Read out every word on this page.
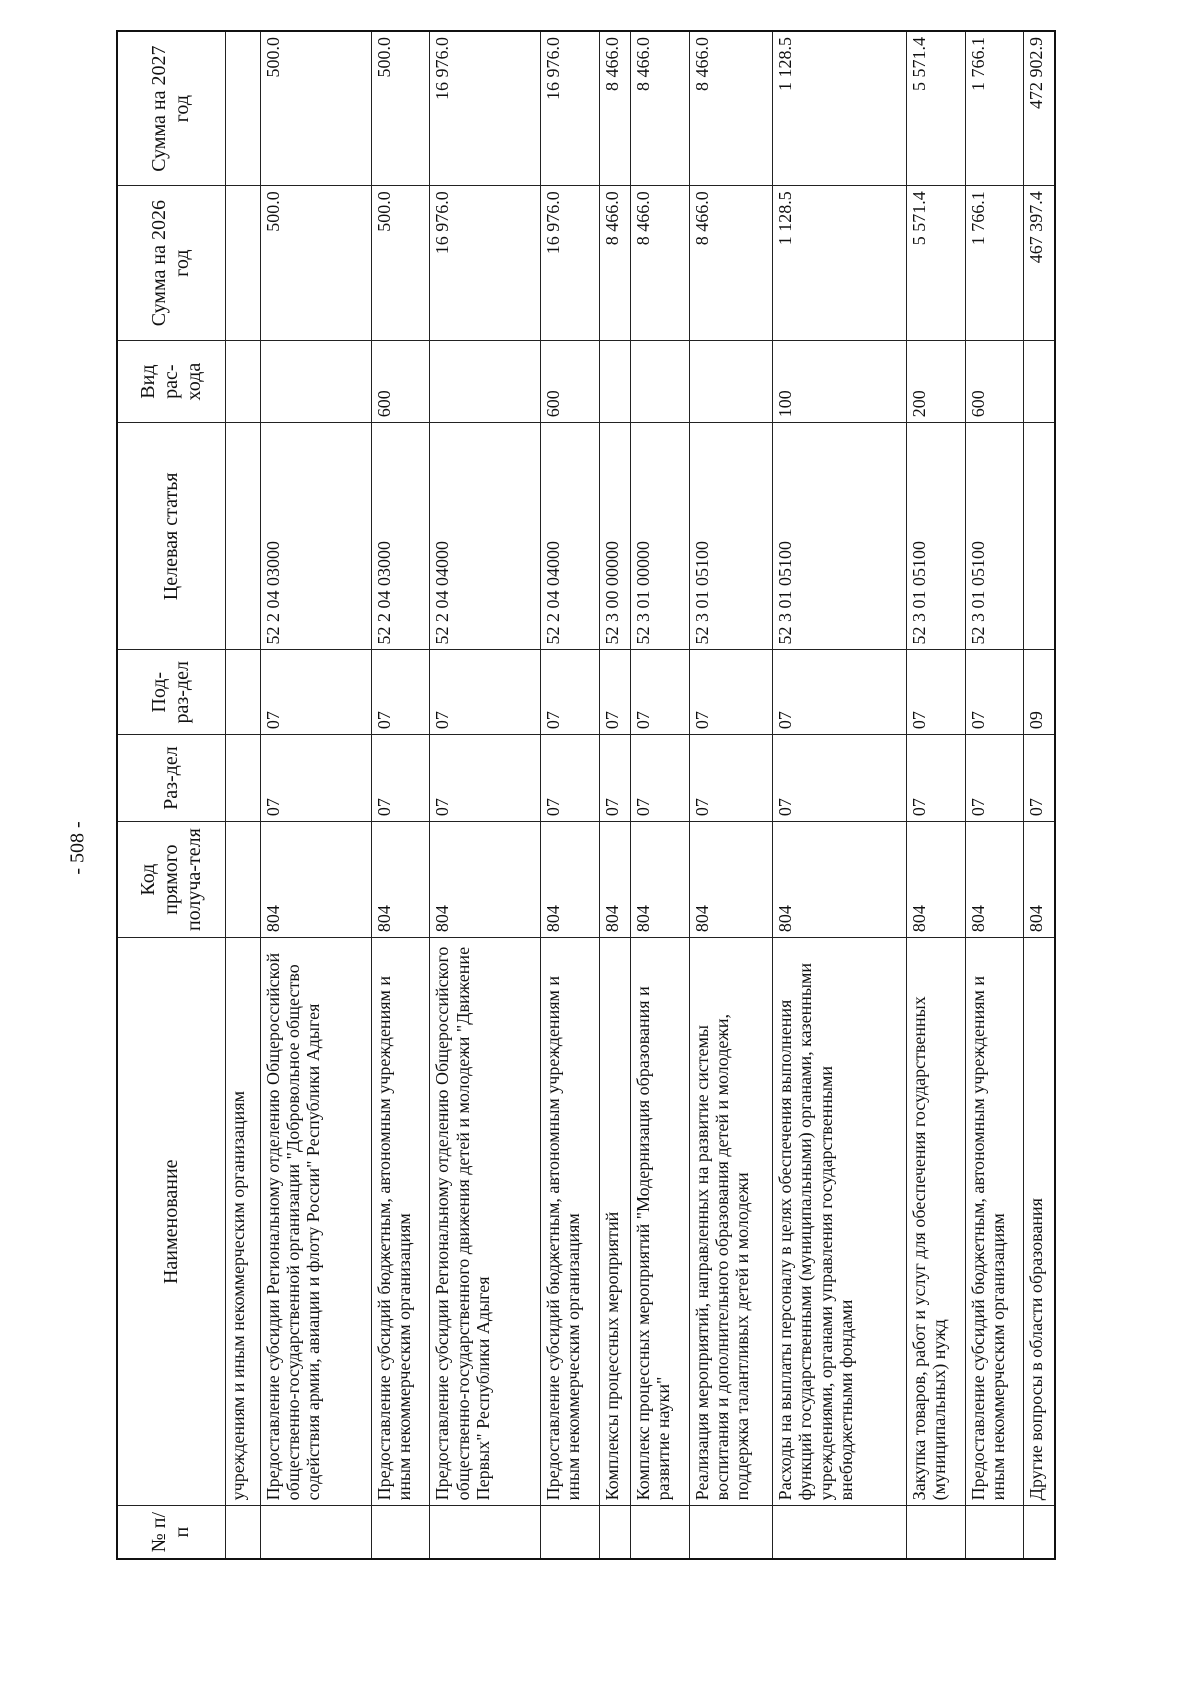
- 508 -
№ п/п	Наименование	Код прямого получа-теля	Раз-дел	Под-раз-дел	Целевая статья	Вид рас-хода	Сумма на 2026 год	Сумма на 2027 год
	учреждениям и иным некоммерческим организациям							
	Предоставление субсидии Региональному отделению Общероссийской общественно-государственной организации "Добровольное общество содействия армии, авиации и флоту России" Республики Адыгея	804	07	07	52 2 04 03000		500.0	500.0
	Предоставление субсидий бюджетным, автономным учреждениям и иным некоммерческим организациям	804	07	07	52 2 04 03000	600	500.0	500.0
	Предоставление субсидии Региональному отделению Общероссийского общественно-государственного движения детей и молодежи "Движение Первых" Республики Адыгея	804	07	07	52 2 04 04000		16 976.0	16 976.0
	Предоставление субсидий бюджетным, автономным учреждениям и иным некоммерческим организациям	804	07	07	52 2 04 04000	600	16 976.0	16 976.0
	Комплексы процессных мероприятий	804	07	07	52 3 00 00000		8 466.0	8 466.0
	Комплекс процессных мероприятий "Модернизация образования и развитие науки"	804	07	07	52 3 01 00000		8 466.0	8 466.0
	Реализация мероприятий, направленных на развитие системы воспитания и дополнительного образования детей и молодежи, поддержка талантливых детей и молодежи	804	07	07	52 3 01 05100		8 466.0	8 466.0
	Расходы на выплаты персоналу в целях обеспечения выполнения функций государственными (муниципальными) органами, казенными учреждениями, органами управления государственными внебюджетными фондами	804	07	07	52 3 01 05100	100	1 128.5	1 128.5
	Закупка товаров, работ и услуг для обеспечения государственных (муниципальных) нужд	804	07	07	52 3 01 05100	200	5 571.4	5 571.4
	Предоставление субсидий бюджетным, автономным учреждениям и иным некоммерческим организациям	804	07	07	52 3 01 05100	600	1 766.1	1 766.1
	Другие вопросы в области образования	804	07	09			467 397.4	472 902.9
